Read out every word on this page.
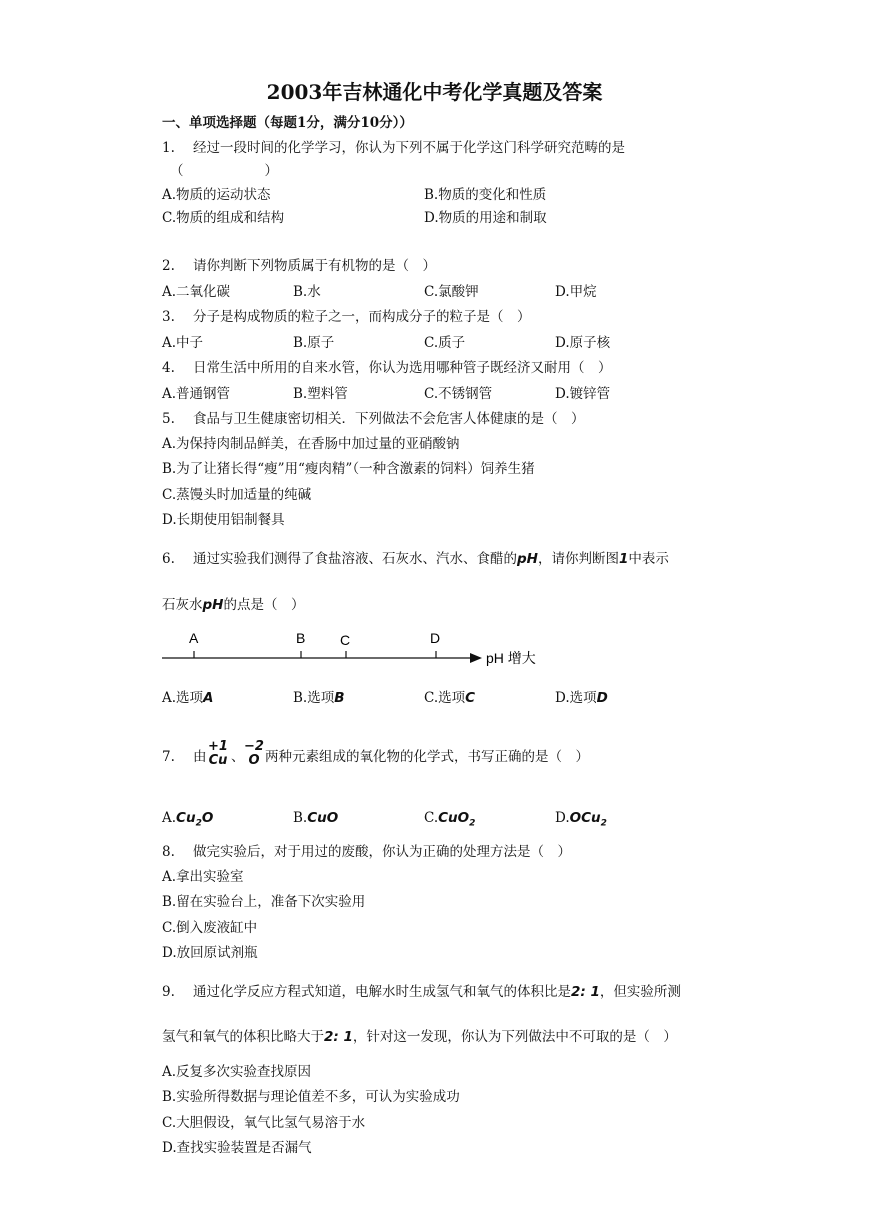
2003年吉林通化中考化学真题及答案
一、单项选择题（每题1分，满分10分））
1. 经过一段时间的化学学习，你认为下列不属于化学这门科学研究范畴的是
（　　　　　　）
A.物质的运动状态	B.物质的变化和性质
C.物质的组成和结构	D.物质的用途和制取
2. 请你判断下列物质属于有机物的是（　）
A.二氧化碳	B.水	C.氯酸钾	D.甲烷
3. 分子是构成物质的粒子之一，而构成分子的粒子是（　）
A.中子	B.原子	C.质子	D.原子核
4. 日常生活中所用的自来水管，你认为选用哪种管子既经济又耐用（　）
A.普通钢管	B.塑料管	C.不锈钢管	D.镀锌管
5. 食品与卫生健康密切相关．下列做法不会危害人体健康的是（　）
A.为保持肉制品鲜美，在香肠中加过量的亚硝酸钠
B.为了让猪长得“瘦”用“瘦肉精”（一种含激素的饲料）饲养生猪
C.蒸馒头时加适量的纯碱
D.长期使用铝制餐具
6. 通过实验我们测得了食盐溶液、石灰水、汽水、食醋的pH，请你判断图1中表示
石灰水pH的点是（　）
A	B C	D
pH 增大
A.选项A	B.选项B	C.选项C	D.选项D
7. 由
+1
Cu 、
−2
O 两种元素组成的氧化物的化学式，书写正确的是（　）
$A.Cu_2O$	B.CuO	C.CuO$_2$	D.OCu$_2$
8. 做完实验后，对于用过的废酸，你认为正确的处理方法是（　）
A.拿出实验室
B.留在实验台上，准备下次实验用
C.倒入废液缸中
D.放回原试剂瓶
9. 通过化学反应方程式知道，电解水时生成氢气和氧气的体积比是2: 1，但实验所测
氢气和氧气的体积比略大于2: 1，针对这一发现，你认为下列做法中不可取的是（　）
A.反复多次实验查找原因
B.实验所得数据与理论值差不多，可认为实验成功
C.大胆假设，氧气比氢气易溶于水
D.查找实验装置是否漏气
